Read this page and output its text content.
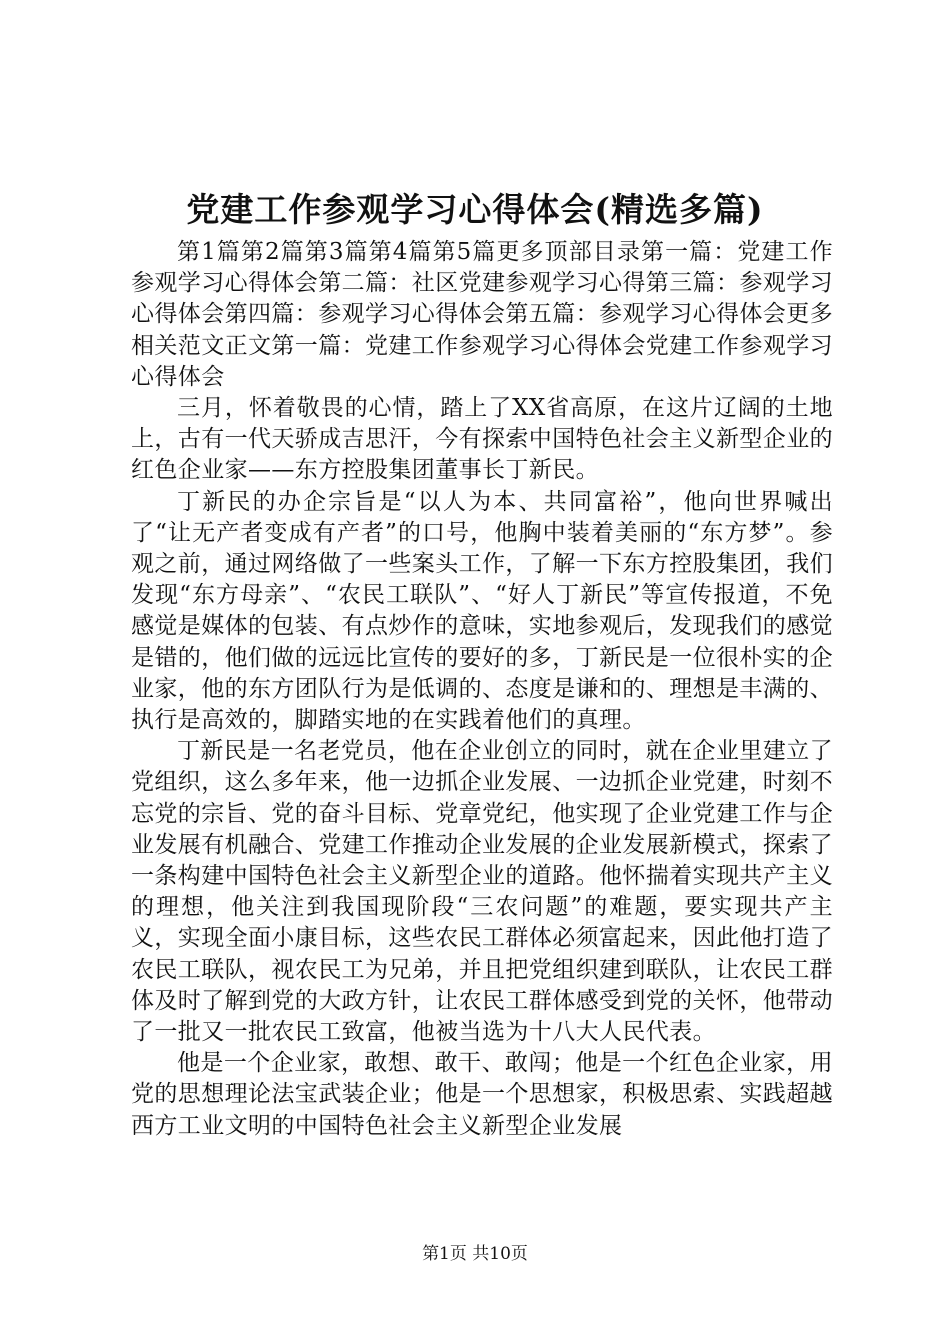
党建工作参观学习心得体会(精选多篇)

第1篇第2篇第3篇第4篇第5篇更多顶部目录第一篇：党建工作参观学习心得体会第二篇：社区党建参观学习心得第三篇：参观学习心得体会第四篇：参观学习心得体会第五篇：参观学习心得体会更多相关范文正文第一篇：党建工作参观学习心得体会党建工作参观学习心得体会

三月，怀着敬畏的心情，踏上了XX省高原，在这片辽阔的土地上，古有一代天骄成吉思汗，今有探索中国特色社会主义新型企业的红色企业家——东方控股集团董事长丁新民。

丁新民的办企宗旨是“以人为本、共同富裕”，他向世界喊出了“让无产者变成有产者”的口号，他胸中装着美丽的“东方梦”。参观之前，通过网络做了一些案头工作，了解一下东方控股集团，我们发现“东方母亲”、“农民工联队”、“好人丁新民”等宣传报道，不免感觉是媒体的包装、有点炒作的意味，实地参观后，发现我们的感觉是错的，他们做的远远比宣传的要好的多，丁新民是一位很朴实的企业家，他的东方团队行为是低调的、态度是谦和的、理想是丰满的、执行是高效的，脚踏实地的在实践着他们的真理。

丁新民是一名老党员，他在企业创立的同时，就在企业里建立了党组织，这么多年来，他一边抓企业发展、一边抓企业党建，时刻不忘党的宗旨、党的奋斗目标、党章党纪，他实现了企业党建工作与企业发展有机融合、党建工作推动企业发展的企业发展新模式，探索了一条构建中国特色社会主义新型企业的道路。他怀揣着实现共产主义的理想，他关注到我国现阶段“三农问题”的难题，要实现共产主义，实现全面小康目标，这些农民工群体必须富起来，因此他打造了农民工联队，视农民工为兄弟，并且把党组织建到联队，让农民工群体及时了解到党的大政方针，让农民工群体感受到党的关怀，他带动了一批又一批农民工致富，他被当选为十八大人民代表。

他是一个企业家，敢想、敢干、敢闯；他是一个红色企业家，用党的思想理论法宝武装企业；他是一个思想家，积极思索、实践超越西方工业文明的中国特色社会主义新型企业发展

第1页 共10页
